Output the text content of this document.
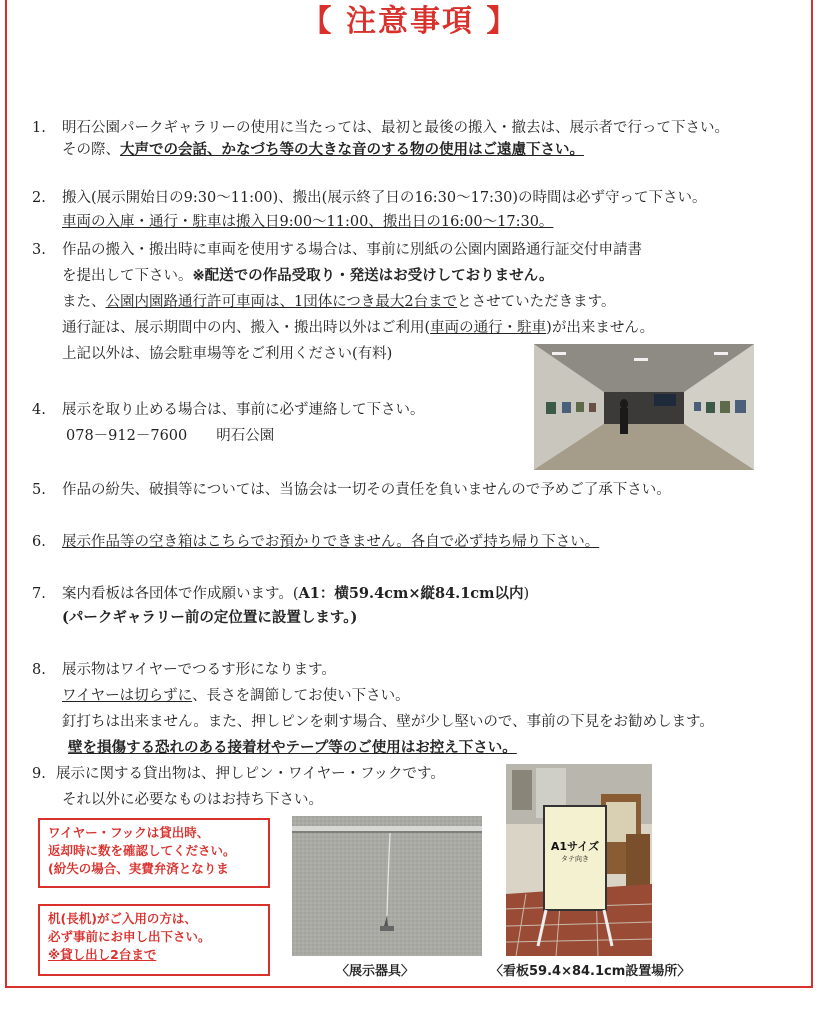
【 注意事項 】
1. 明石公園パークギャラリーの使用に当たっては、最初と最後の搬入・撤去は、展示者で行って下さい。
その際、大声での会話、かなづち等の大きな音のする物の使用はご遠慮下さい。
2. 搬入(展示開始日の9:30〜11:00)、搬出(展示終了日の16:30〜17:30)の時間は必ず守って下さい。
車両の入庫・通行・駐車は搬入日9:00〜11:00、搬出日の16:00〜17:30。
3. 作品の搬入・搬出時に車両を使用する場合は、事前に別紙の公園内園路通行証交付申請書
を提出して下さい。※配送での作品受取り・発送はお受けしておりません。
また、公園内園路通行許可車両は、1団体につき最大2台までとさせていただきます。
通行証は、展示期間中の内、搬入・搬出時以外はご利用(車両の通行・駐車)が出来ません。
上記以外は、協会駐車場等をご利用ください(有料)
4. 展示を取り止める場合は、事前に必ず連絡して下さい。
078－912－7600　　明石公園
5. 作品の紛失、破損等については、当協会は一切その責任を負いませんので予めご了承下さい。
6. 展示作品等の空き箱はこちらでお預かりできません。各自で必ず持ち帰り下さい。
7. 案内看板は各団体で作成願います。(A1：横59.4cm×縦84.1cm以内)
(パークギャラリー前の定位置に設置します。)
8. 展示物はワイヤーでつるす形になります。
ワイヤーは切らずに、長さを調節してお使い下さい。
釘打ちは出来ません。また、押しピンを刺す場合、壁が少し堅いので、事前の下見をお勧めします。
壁を損傷する恐れのある接着材やテープ等のご使用はお控え下さい。
9. 展示に関する貸出物は、押しピン・ワイヤー・フックです。
それ以外に必要なものはお持ち下さい。
ワイヤー・フックは貸出時、
返却時に数を確認してください。
(紛失の場合、実費弁済となりま
机(長机)がご入用の方は、
必ず事前にお申し出下さい。
※貸し出し2台まで
A1サイズ
タテ向き
〈展示器具〉	〈看板59.4×84.1cm設置場所〉
